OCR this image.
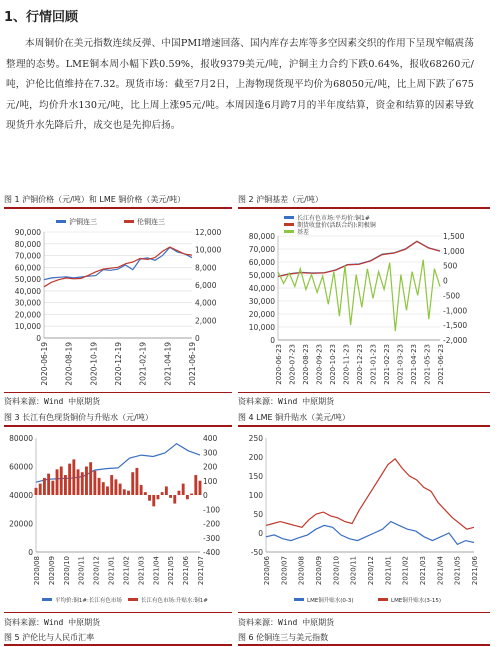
1、行情回顾
本周铜价在美元指数连续反弹、中国PMI增速回落、国内库存去库等多空因素交织的作用下呈现窄幅震荡整理的态势。LME铜本周小幅下跌0.59%，报收9379美元/吨，沪铜主力合约下跌0.64%，报收68260元/吨，沪伦比值维持在7.32。现货市场：截至7月2日，上海物现货现平均价为68050元/吨，比上周下跌了675元/吨，均价升水130元/吨，比上周上涨95元/吨。本周因逢6月跨7月的半年度结算，资金和结算的因素导致现货升水先降后升，成交也是先抑后扬。
图 1 沪铜价格（元/吨）和 LME 铜价格（美元/吨）
0
10,000
20,000
30,000
40,000
50,000
60,000
70,000
80,000
90,000
0
2,000
4,000
6,000
8,000
10,000
12,000
2020-06-19 2020-08-19 2020-10-19 2020-12-19 2021-02-19 2021-04-19 2021-06-19
沪铜连三	伦铜连三
资料来源：Wind 中原期货
图 2 沪铜基差（元/吨）
0
10,000
20,000
30,000
40,000
50,000
60,000
70,000
80,000
-2,000
-1,500
-1,000
-500
0
500
1,000
1,500
2020-06-23 2020-07-23 2020-08-23 2020-09-23 2020-10-23 2020-11-23 2020-12-23 2021-01-23 2021-02-23 2021-03-23 2021-04-23 2021-05-23 2021-06-23
长江有色市场:平均价:铜1#
期货收盘价(活跃合约):阴极铜
基差
资料来源：Wind 中原期货
图 3 长江有色现货铜价与升贴水（元/吨）
0
20000
40000
60000
80000
-400
-300
-200
-100
0
100
200
300
400
2020/08 2020/09 2020/10 2020/11 2020/12 2021/01 2021/02 2021/03 2021/04 2021/05 2021/06 2021/07
平均价:铜1#:长江有色市场	长江有色市场:升贴水:铜1#
资料来源：Wind 中原期货
图 4 LME 铜升贴水（美元/吨）
-50
0
50
100
150
200
250
2020/06 2020/07 2020/08 2020/09 2020/10 2020/11 2020/12 2021/01 2021/02 2021/03 2021/04 2021/05 2021/06
LME铜升贴水(0-3)	LME铜升贴水(3-15)
资料来源：Wind 中原期货
图 5 沪伦比与人民币汇率	图 6 伦铜连三与美元指数
